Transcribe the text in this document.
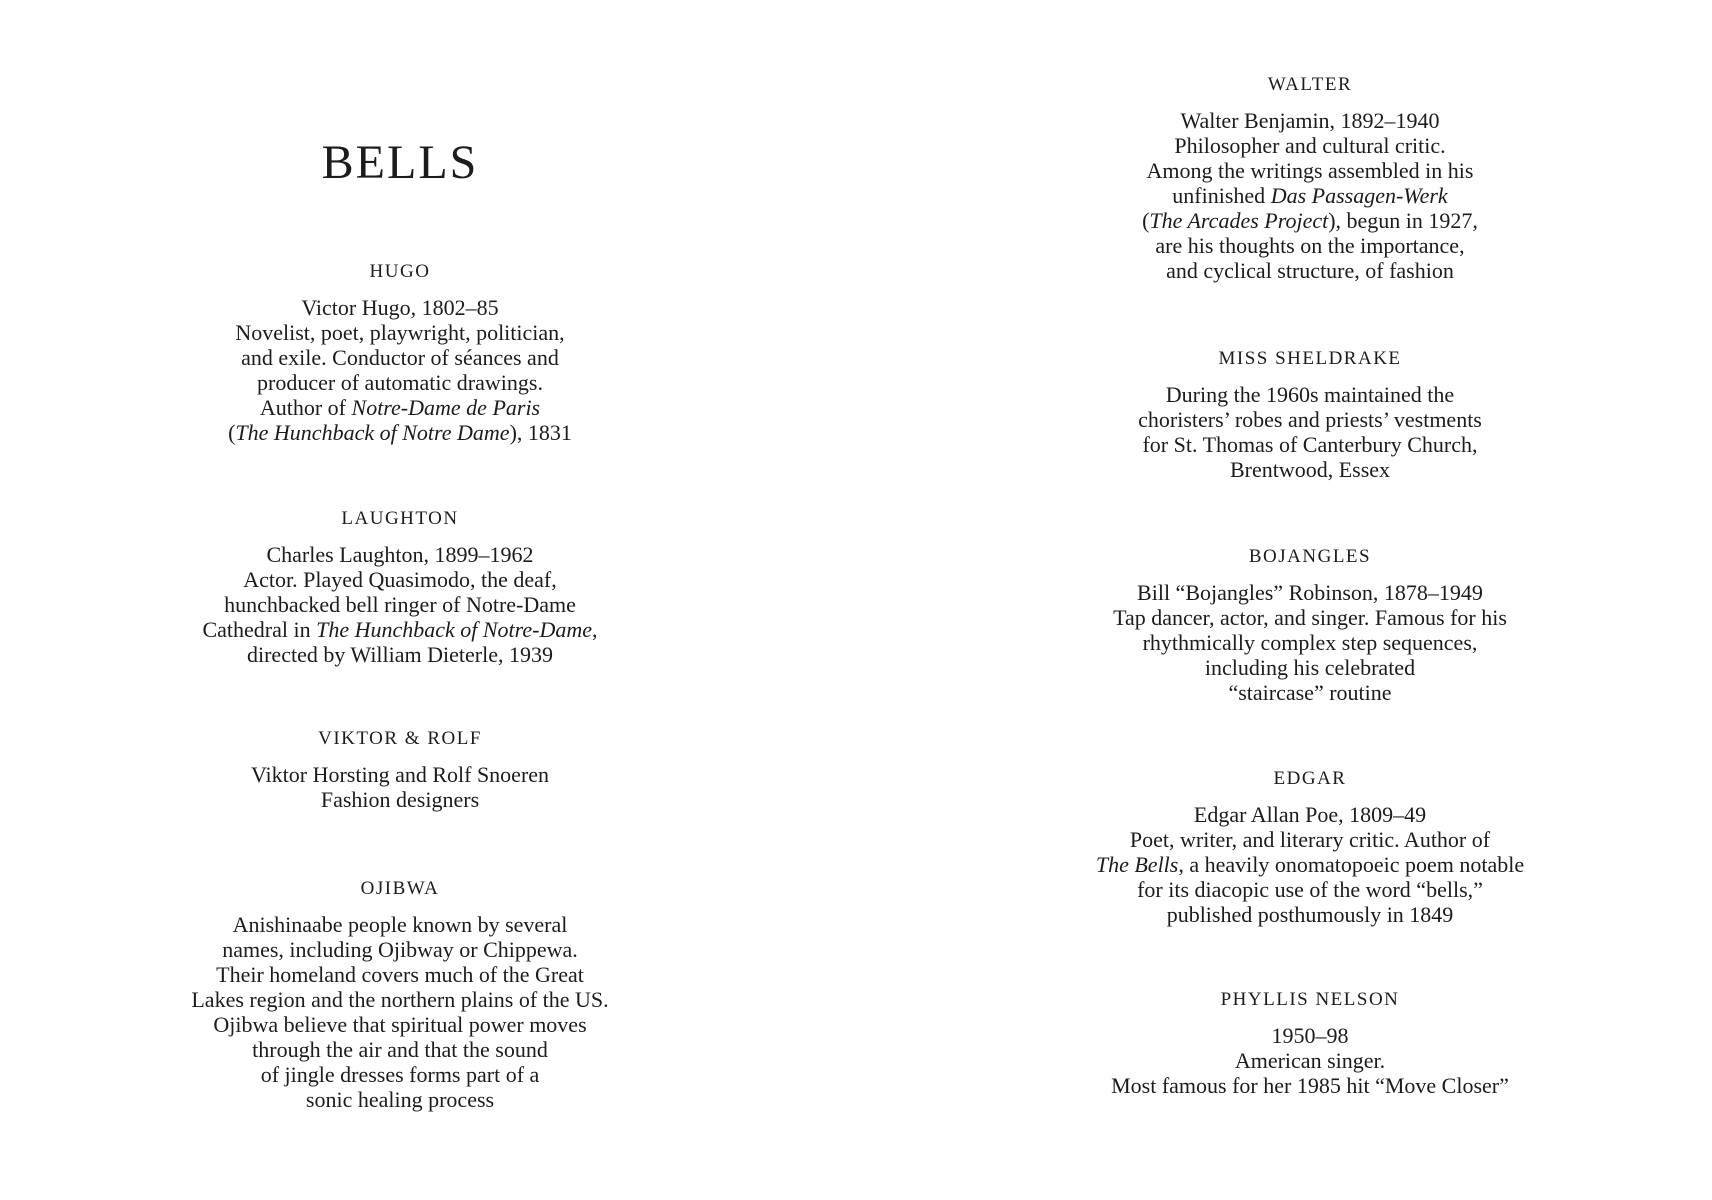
BELLS
HUGO
Victor Hugo, 1802–85
Novelist, poet, playwright, politician,
and exile. Conductor of séances and
producer of automatic drawings.
Author of Notre-Dame de Paris
(The Hunchback of Notre Dame), 1831
LAUGHTON
Charles Laughton, 1899–1962
Actor. Played Quasimodo, the deaf,
hunchbacked bell ringer of Notre-Dame
Cathedral in The Hunchback of Notre-Dame,
directed by William Dieterle, 1939
VIKTOR & ROLF
Viktor Horsting and Rolf Snoeren
Fashion designers
OJIBWA
Anishinaabe people known by several
names, including Ojibway or Chippewa.
Their homeland covers much of the Great
Lakes region and the northern plains of the US.
Ojibwa believe that spiritual power moves
through the air and that the sound
of jingle dresses forms part of a
sonic healing process
WALTER
Walter Benjamin, 1892–1940
Philosopher and cultural critic.
Among the writings assembled in his
unfinished Das Passagen-Werk
(The Arcades Project), begun in 1927,
are his thoughts on the importance,
and cyclical structure, of fashion
MISS SHELDRAKE
During the 1960s maintained the
choristers’ robes and priests’ vestments
for St. Thomas of Canterbury Church,
Brentwood, Essex
BOJANGLES
Bill “Bojangles” Robinson, 1878–1949
Tap dancer, actor, and singer. Famous for his
rhythmically complex step sequences,
including his celebrated
“staircase” routine
EDGAR
Edgar Allan Poe, 1809–49
Poet, writer, and literary critic. Author of
The Bells, a heavily onomatopoeic poem notable
for its diacopic use of the word “bells,”
published posthumously in 1849
PHYLLIS NELSON
1950–98
American singer.
Most famous for her 1985 hit “Move Closer”
